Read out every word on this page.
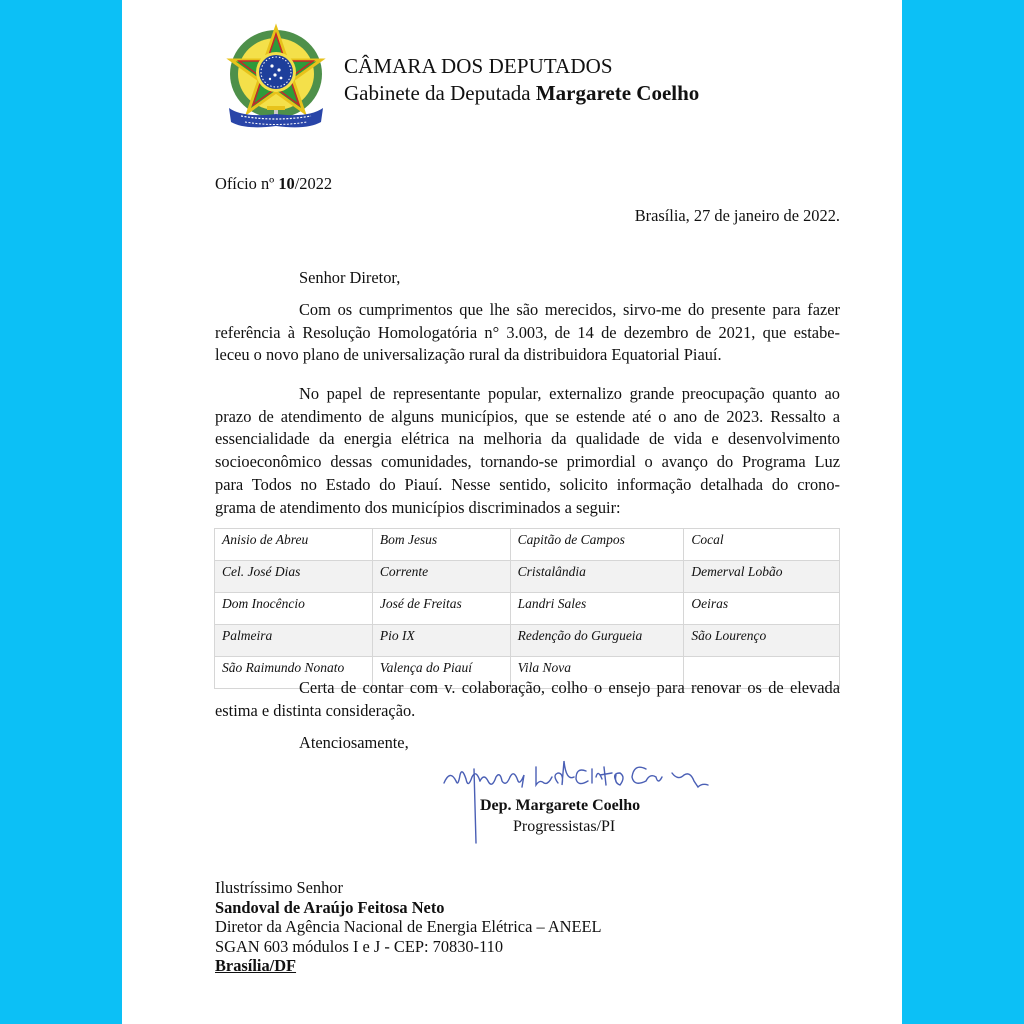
CÂMARA DOS DEPUTADOS
Gabinete da Deputada Margarete Coelho
Ofício nº 10/2022
Brasília, 27 de janeiro de 2022.
Senhor Diretor,
Com os cumprimentos que lhe são merecidos, sirvo-me do presente para fazer
referência à Resolução Homologatória n° 3.003, de 14 de dezembro de 2021, que estabe-
leceu o novo plano de universalização rural da distribuidora Equatorial Piauí.
No papel de representante popular, externalizo grande preocupação quanto ao
prazo de atendimento de alguns municípios, que se estende até o ano de 2023. Ressalto a
essencialidade da energia elétrica na melhoria da qualidade de vida e desenvolvimento
socioeconômico dessas comunidades, tornando-se primordial o avanço do Programa Luz
para Todos no Estado do Piauí. Nesse sentido, solicito informação detalhada do crono-
grama de atendimento dos municípios discriminados a seguir:
Anisio de Abreu	Bom Jesus	Capitão de Campos	Cocal
Cel. José Dias	Corrente	Cristalândia	Demerval Lobão
Dom Inocêncio	José de Freitas	Landri Sales	Oeiras
Palmeira	Pio IX	Redenção do Gurgueia	São Lourenço
São Raimundo Nonato	Valença do Piauí	Vila Nova	
Certa de contar com v. colaboração, colho o ensejo para renovar os de elevada
estima e distinta consideração.
Atenciosamente,
Dep. Margarete Coelho
Progressistas/PI
Ilustríssimo Senhor
Sandoval de Araújo Feitosa Neto
Diretor da Agência Nacional de Energia Elétrica – ANEEL
SGAN 603 módulos I e J - CEP: 70830-110
Brasília/DF
